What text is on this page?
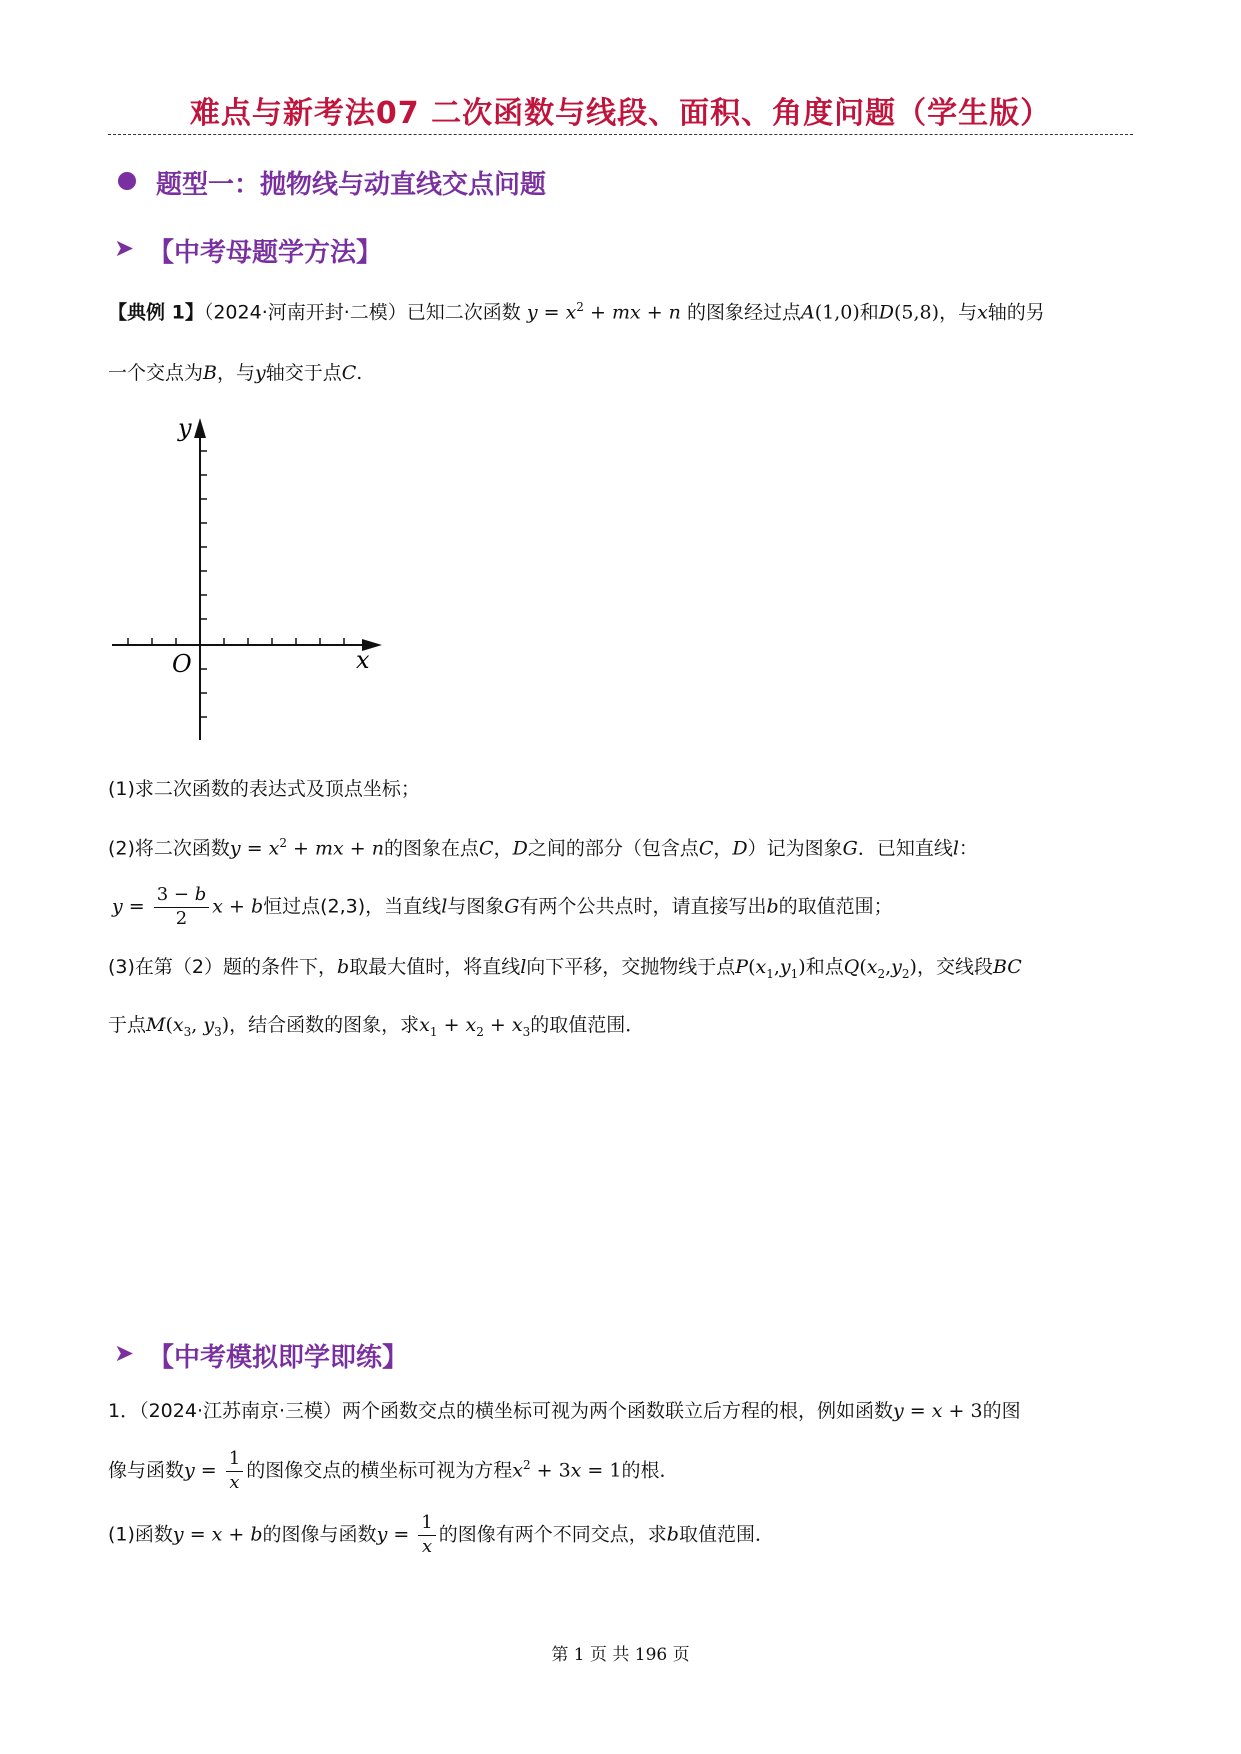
难点与新考法07 二次函数与线段、面积、角度问题（学生版）
题型一：抛物线与动直线交点问题
➤ 【中考母题学方法】
【典例 1】（2024·河南开封·二模）已知二次函数 $y = x^2$ + mx + n 的图象经过点A(1,0)和D(5,8)，与x轴的另
一个交点为B，与y轴交于点C.
y
x
O
(1)求二次函数的表达式及顶点坐标；
(2)将二次函数$y = x^2$ + mx + n的图象在点C，D之间的部分（包含点C，D）记为图象G．已知直线l：
$y = \frac{3 - b}{2}$ x + b恒过点(2,3)，当直线l与图象G有两个公共点时，请直接写出b的取值范围；
(3)在第（2）题的条件下，b取最大值时，将直线l向下平移，交抛物线于点$P(x_1,y_1)$和点$Q(x_2,y_2)$，交线段BC
于点$M(x_3$, $y_3$)，结合函数的图象，求$x_1 + x_2 + x_3$的取值范围．
➤ 【中考模拟即学即练】
1．（2024·江苏南京·三模）两个函数交点的横坐标可视为两个函数联立后方程的根，例如函数y = x + 3的图
像与函数$y = \frac{1}{x}$ 的图像交点的横坐标可视为方程$x^2 + 3x = 1$的根．
(1)函数y = x + b的图像与函数$y = \frac{1}{x}$ 的图像有两个不同交点，求b取值范围．
第 1 页 共 196 页
